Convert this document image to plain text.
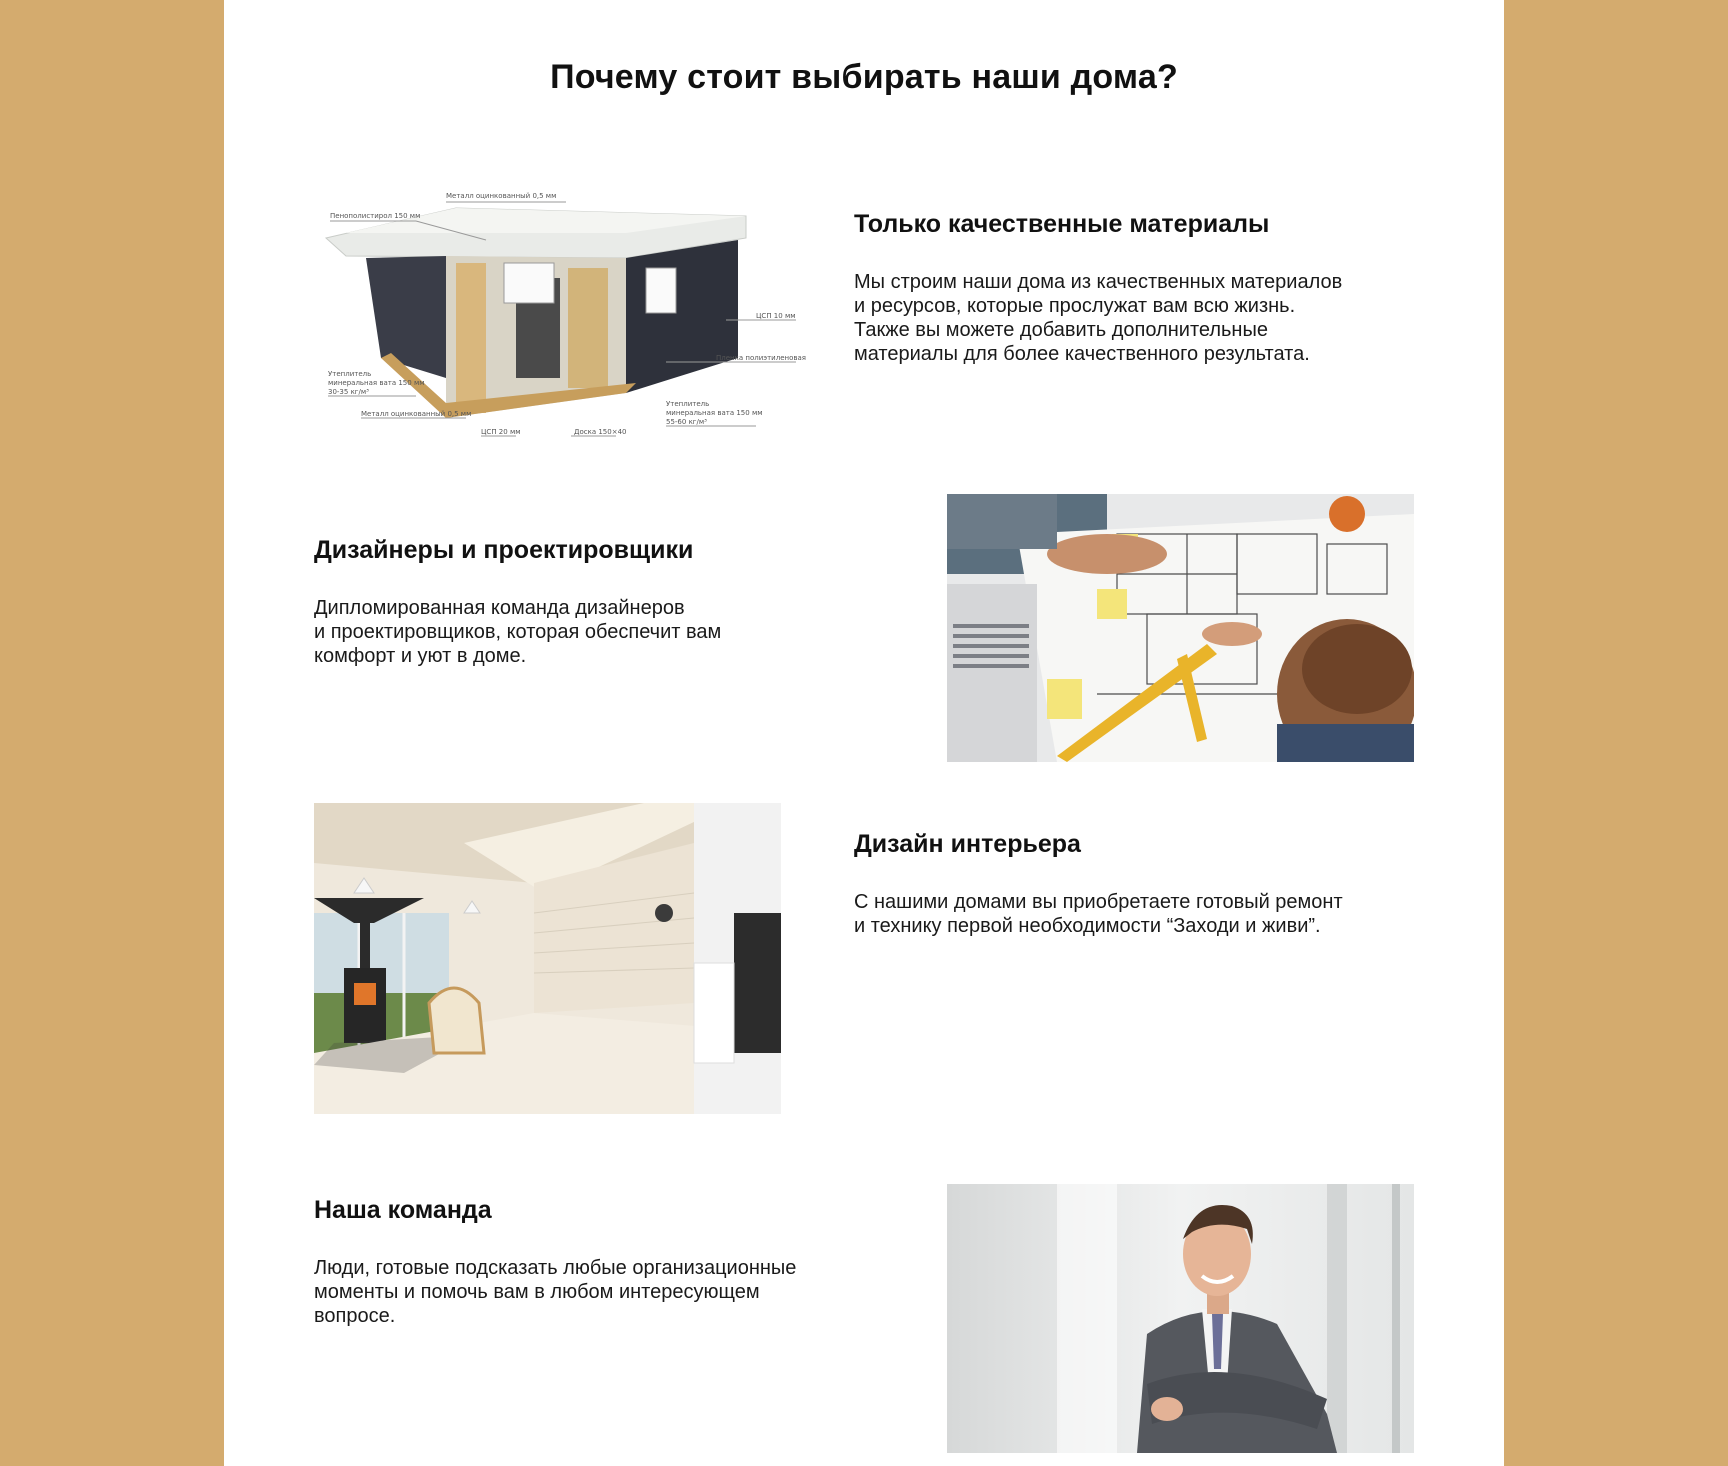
Почему стоит выбирать наши дома?
Металл оцинкованный 0,5 мм
Пенополистирол 150 мм
ЦСП 10 мм
Пленка полиэтиленовая
Утеплитель
минеральная вата 150 мм
30-35 кг/м³
Металл оцинкованный 0,5 мм
Утеплитель
минеральная вата 150 мм
55-60 кг/м³
ЦСП 20 мм	Доска 150×40
Только качественные материалы

Мы строим наши дома из качественных материалов
и ресурсов, которые прослужат вам всю жизнь.
Также вы можете добавить дополнительные
материалы для более качественного результата.

Дизайнеры и проектировщики

Дипломированная команда дизайнеров
и проектировщиков, которая обеспечит вам
комфорт и уют в доме.

Дизайн интерьера

С нашими домами вы приобретаете готовый ремонт
и технику первой необходимости “Заходи и живи”.

Наша команда

Люди, готовые подсказать любые организационные
моменты и помочь вам в любом интересующем
вопросе.
